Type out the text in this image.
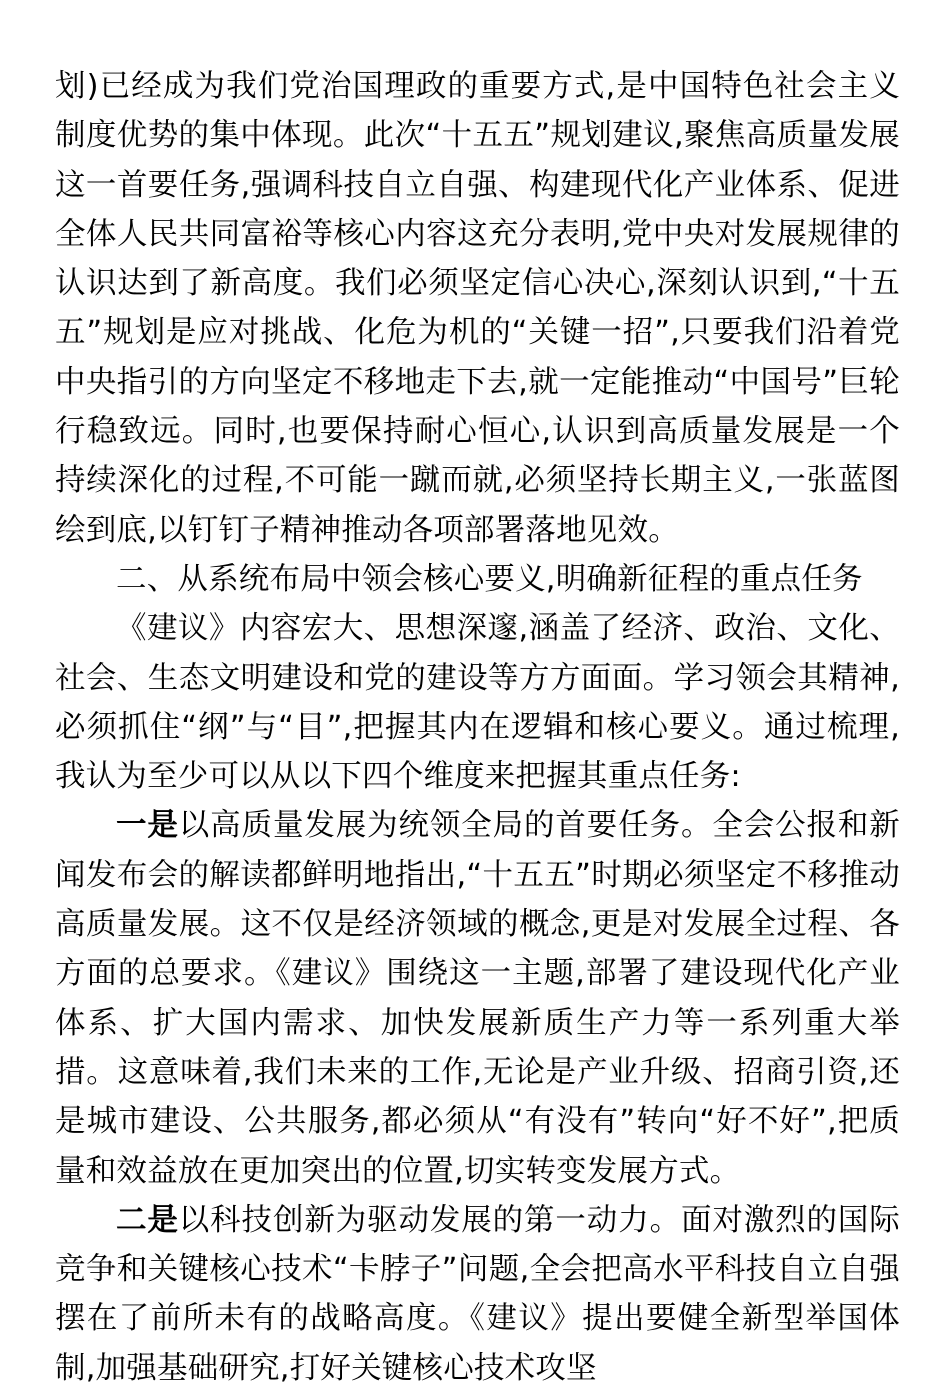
划)已经成为我们党治国理政的重要方式,是中国特色社会主义制度优势的集中体现。此次“十五五”规划建议,聚焦高质量发展这一首要任务,强调科技自立自强、构建现代化产业体系、促进全体人民共同富裕等核心内容这充分表明,党中央对发展规律的认识达到了新高度。我们必须坚定信心决心,深刻认识到,“十五五”规划是应对挑战、化危为机的“关键一招”,只要我们沿着党中央指引的方向坚定不移地走下去,就一定能推动“中国号”巨轮行稳致远。同时,也要保持耐心恒心,认识到高质量发展是一个持续深化的过程,不可能一蹴而就,必须坚持长期主义,一张蓝图绘到底,以钉钉子精神推动各项部署落地见效。

二、从系统布局中领会核心要义,明确新征程的重点任务

《建议》内容宏大、思想深邃,涵盖了经济、政治、文化、社会、生态文明建设和党的建设等方方面面。学习领会其精神,必须抓住“纲”与“目”,把握其内在逻辑和核心要义。通过梳理,我认为至少可以从以下四个维度来把握其重点任务:

一是以高质量发展为统领全局的首要任务。全会公报和新闻发布会的解读都鲜明地指出,“十五五”时期必须坚定不移推动高质量发展。这不仅是经济领域的概念,更是对发展全过程、各方面的总要求。《建议》围绕这一主题,部署了建设现代化产业体系、扩大国内需求、加快发展新质生产力等一系列重大举措。这意味着,我们未来的工作,无论是产业升级、招商引资,还是城市建设、公共服务,都必须从“有没有”转向“好不好”,把质量和效益放在更加突出的位置,切实转变发展方式。

二是以科技创新为驱动发展的第一动力。面对激烈的国际竞争和关键核心技术“卡脖子”问题,全会把高水平科技自立自强摆在了前所未有的战略高度。《建议》提出要健全新型举国体制,加强基础研究,打好关键核心技术攻坚
